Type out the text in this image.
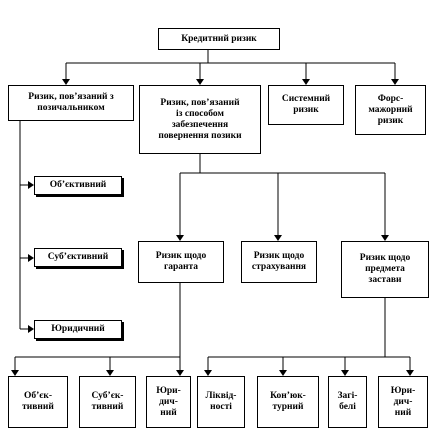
Кредитний ризик
Ризик, пов’язаний з позичальником
Ризик, пов’язаний
із способом
забезпечення
повернення позики
Системний
ризик
Форс-
мажорний
ризик
Об’єктивний
Суб’єктивний
Юридичний
Ризик щодо
гаранта
Ризик щодо
страхування
Ризик щодо
предмета
застави
Об’єк-
тивний
Суб’єк-
тивний
Юри-
дич-
ний
Ліквід-
ності
Кон’юк-
турний
Загі-
белі
Юри-
дич-
ний
